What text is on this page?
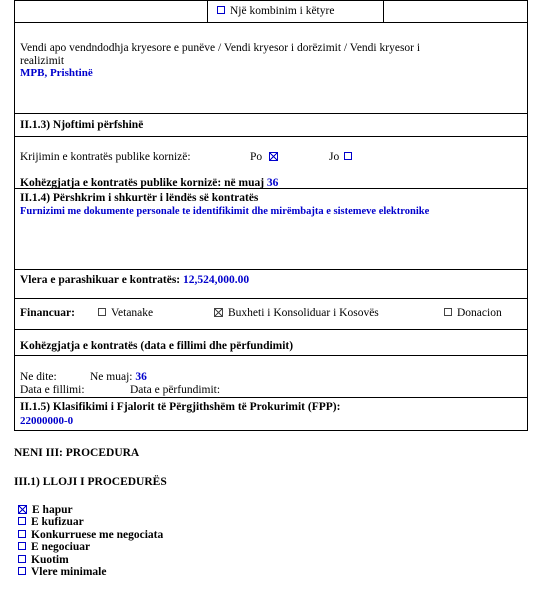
Një kombinim i këtyre
Vendi apo vendndodhja kryesore e punëve / Vendi kryesor i dorëzimit / Vendi kryesor i
realizimit
MPB, Prishtinë
II.1.3) Njoftimi përfshinë
Krijimin e kontratës publike kornizë:	Po	Jo
Kohëzgjatja e kontratës publike kornizë: në muaj 36
II.1.4) Përshkrim i shkurtër i lëndës së kontratës
Furnizimi me dokumente personale te identifikimit dhe mirëmbajta e sistemeve elektronike
Vlera e parashikuar e kontratës: 12,524,000.00
Financuar:	Vetanake	Buxheti i Konsoliduar i Kosovës	Donacion
Kohëzgjatja e kontratës (data e fillimi dhe përfundimit)
Ne dite:	Ne muaj: 36
Data e fillimi:	Data e përfundimit:
II.1.5) Klasifikimi i Fjalorit të Përgjithshëm të Prokurimit (FPP):
22000000-0
NENI III: PROCEDURA
III.1) LLOJI I PROCEDURËS
E hapur
E kufizuar
Konkurruese me negociata
E negociuar
Kuotim
Vlere minimale
